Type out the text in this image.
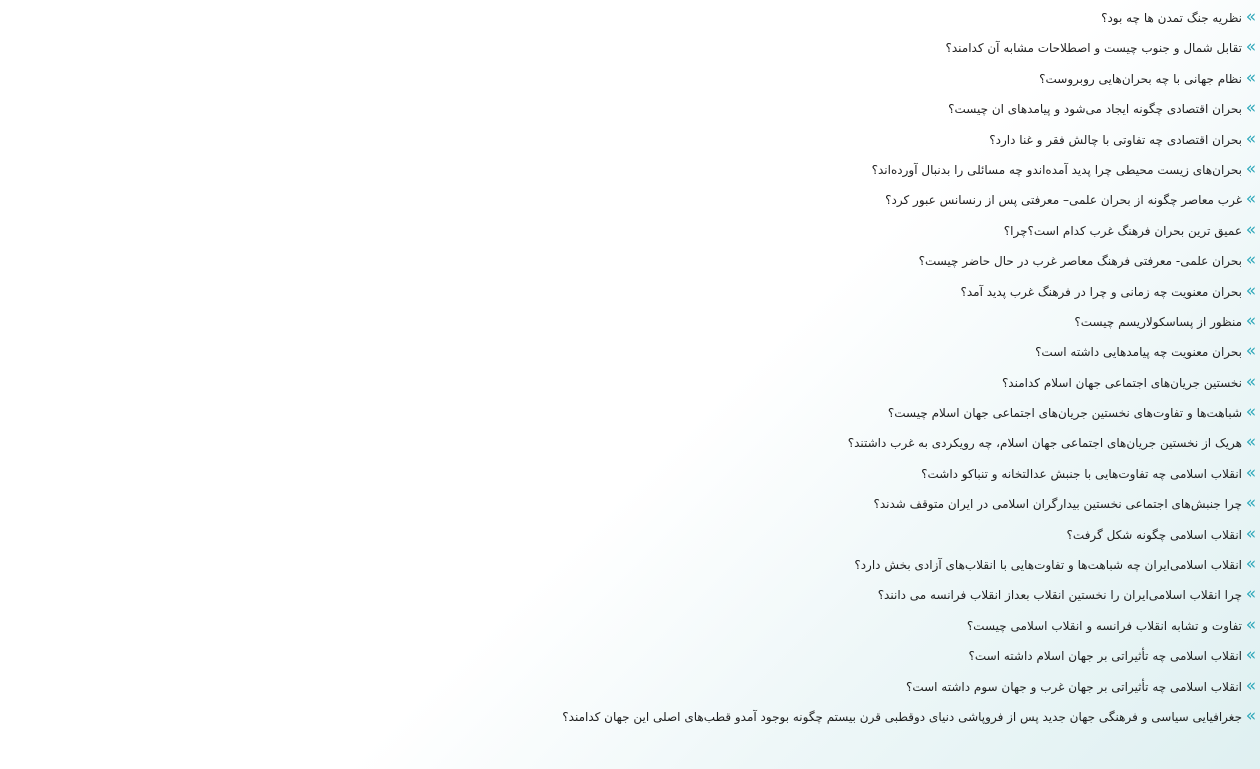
»نظریه جنگ تمدن ها چه بود؟
»تقابل شمال و جنوب چیست و اصطلاحات مشابه آن کدامند؟
»نظام جهانی با چه بحران‌هایی روبروست؟
»بحران اقتصادی چگونه ایجاد می‌شود و پیامدهای ان چیست؟
»بحران اقتصادی چه تفاوتی با چالش فقر و غنا دارد؟
»بحران‌های زیست محیطی چرا پدید آمده‌اندو چه مسائلی را بدنبال آورده‌اند؟
»غرب معاصر چگونه از بحران علمی– معرفتی پس از رنسانس عبور کرد؟
»عمیق ترین بحران فرهنگ غرب کدام است؟چرا؟
»بحران علمی- معرفتی فرهنگ معاصر غرب در حال حاضر چیست؟
»بحران معنویت چه زمانی و چرا در فرهنگ غرب پدید آمد؟
»منظور از پساسکولاریسم چیست؟
»بحران معنویت چه پیامدهایی داشته است؟
»نخستین جریان‌های اجتماعی جهان اسلام کدامند؟
»شباهت‌ها و تفاوت‌های نخستین جریان‌های اجتماعی جهان اسلام چیست؟
»هریک از نخستین جریان‌های اجتماعی جهان اسلام، چه رویکردی به غرب داشتند؟
»انقلاب اسلامی چه تفاوت‌هایی با جنبش عدالتخانه و تنباکو داشت؟
»چرا جنبش‌های اجتماعی نخستین بیدارگران اسلامی در ایران متوقف شدند؟
»انقلاب اسلامی چگونه شکل گرفت؟
»انقلاب اسلامی‌ایران چه شباهت‌ها و تفاوت‌هایی با انقلاب‌های آزادی بخش دارد؟
»چرا انقلاب اسلامی‌ایران را نخستین انقلاب بعداز انقلاب فرانسه می دانند؟
»تفاوت و تشابه انقلاب فرانسه و انقلاب اسلامی چیست؟
»انقلاب اسلامی چه تأثیراتی بر جهان اسلام داشته است؟
»انقلاب اسلامی چه تأثیراتی بر جهان غرب و جهان سوم داشته است؟
»جغرافیایی سیاسی و فرهنگی جهان جدید پس از فروپاشی دنیای دوقطبی قرن بیستم چگونه بوجود آمدو قطب‌های اصلی این جهان کدامند؟
